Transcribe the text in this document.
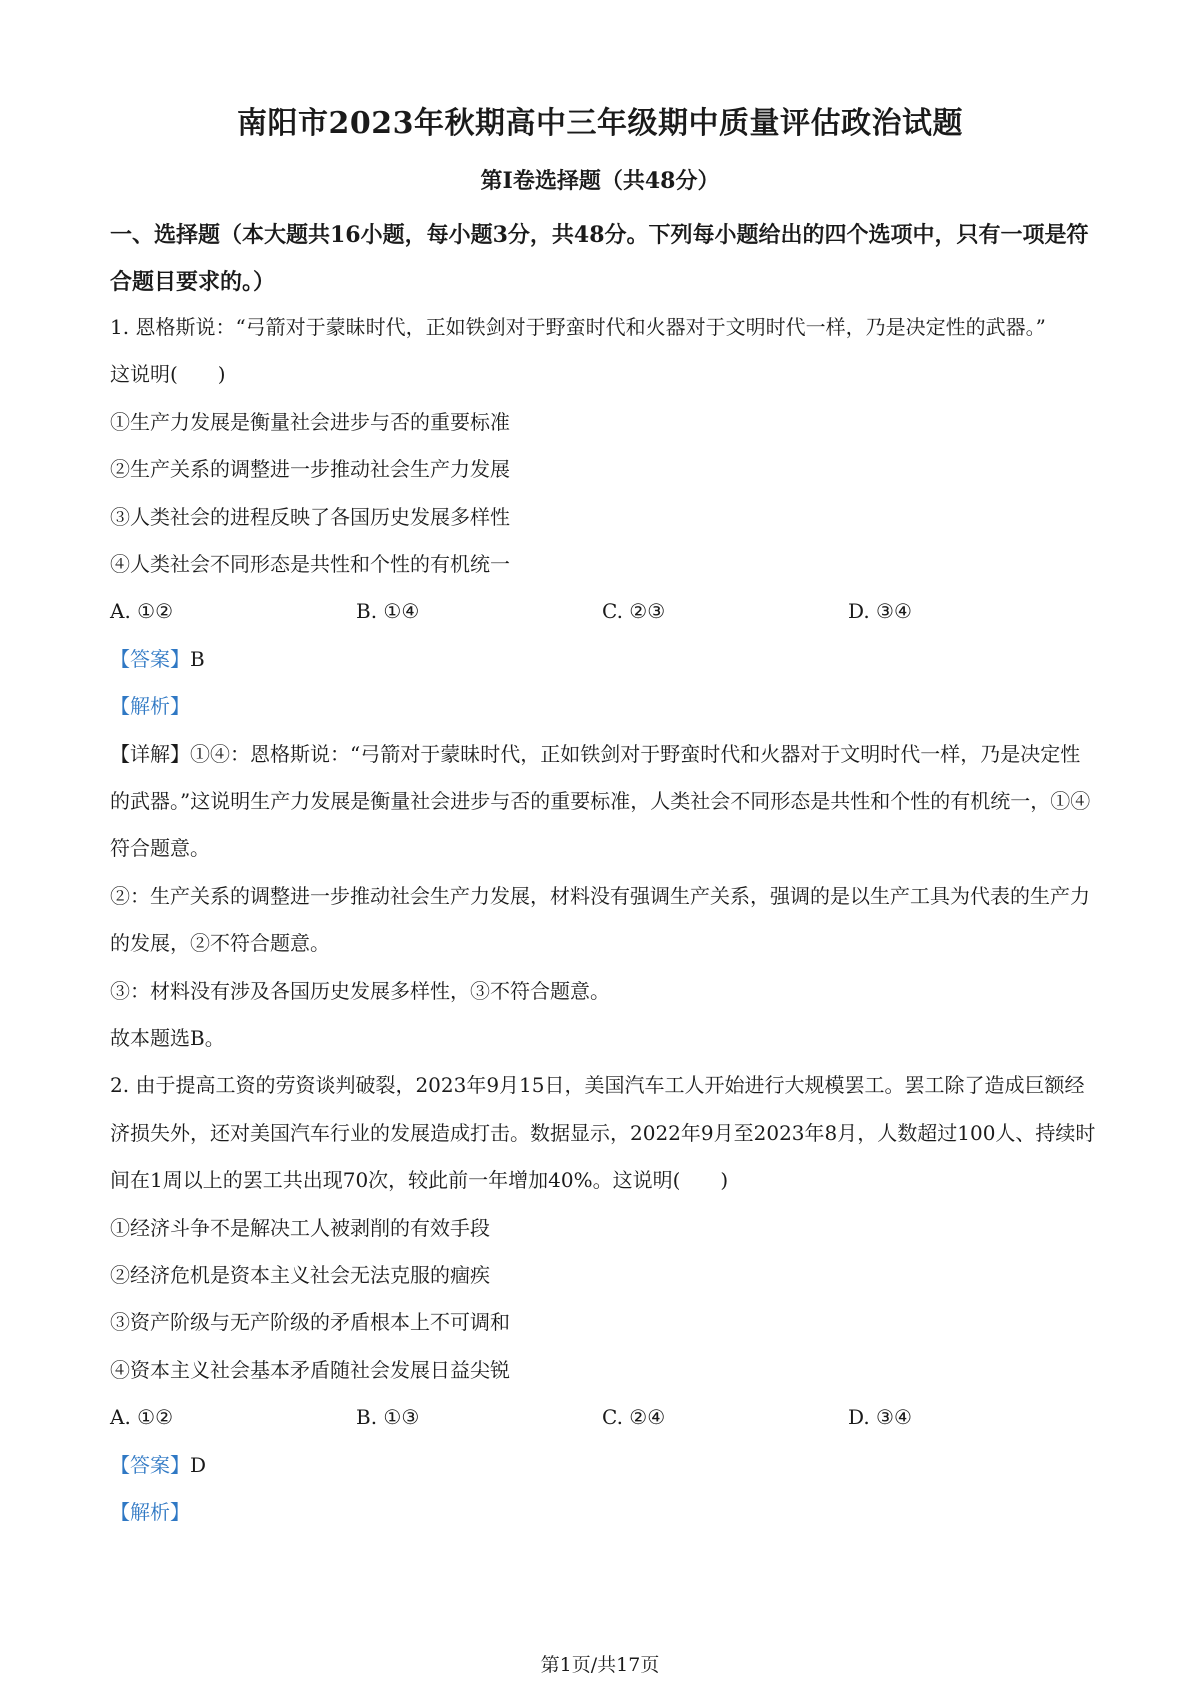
南阳市2023年秋期高中三年级期中质量评估政治试题
第Ⅰ卷选择题（共48分）
一、选择题（本大题共16小题，每小题3分，共48分。下列每小题给出的四个选项中，只有一项是符合题目要求的。）
1. 恩格斯说：“弓箭对于蒙昧时代，正如铁剑对于野蛮时代和火器对于文明时代一样，乃是决定性的武器。”
这说明(　　)
①生产力发展是衡量社会进步与否的重要标准
②生产关系的调整进一步推动社会生产力发展
③人类社会的进程反映了各国历史发展多样性
④人类社会不同形态是共性和个性的有机统一
A. ①②	B. ①④	C. ②③	D. ③④
【答案】B
【解析】
【详解】①④：恩格斯说：“弓箭对于蒙昧时代，正如铁剑对于野蛮时代和火器对于文明时代一样，乃是决定性的武器。”这说明生产力发展是衡量社会进步与否的重要标准，人类社会不同形态是共性和个性的有机统一，①④符合题意。
②：生产关系的调整进一步推动社会生产力发展，材料没有强调生产关系，强调的是以生产工具为代表的生产力的发展，②不符合题意。
③：材料没有涉及各国历史发展多样性，③不符合题意。
故本题选B。
2. 由于提高工资的劳资谈判破裂，2023年9月15日，美国汽车工人开始进行大规模罢工。罢工除了造成巨额经济损失外，还对美国汽车行业的发展造成打击。数据显示，2022年9月至2023年8月，人数超过100人、持续时间在1周以上的罢工共出现70次，较此前一年增加40%。这说明(　　)
①经济斗争不是解决工人被剥削的有效手段
②经济危机是资本主义社会无法克服的痼疾
③资产阶级与无产阶级的矛盾根本上不可调和
④资本主义社会基本矛盾随社会发展日益尖锐
A. ①②	B. ①③	C. ②④	D. ③④
【答案】D
【解析】
第1页/共17页
